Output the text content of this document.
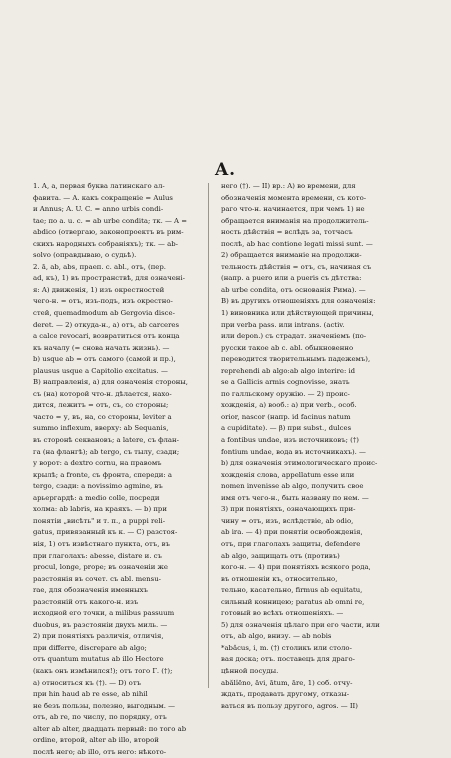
A.
1. А, a, первая буква латинскаго ал-
фавита. — A. какъ сокращеніе = Aulus
и Annus; A. U. C. = anno urbis condi-
tae; по a. u. c. = ab urbe condita; тк. — A =
abdico (отвергаю, законопроектъ въ рим-
скихъ народныхъ собраніяхъ); тк. — ab-
solvo (оправдываю, о судьѣ).
2. ā, ab, abs, праеп. c. abl., отъ, (пер.
ad, къ), 1) въ пространствѣ, для означені-
я: A) движенія, 1) изъ окрестностей
чего-н. = отъ, изъ-подъ, изъ окрестно-
стей, quemadmodum ab Gergovia disce-
deret. — 2) откуда-н., а) отъ, ab carceres
a calce revocari, возвратиться отъ конца
къ началу (= снова начать жизнь). —
b) usque ab = отъ самого (самой и пр.),
plausus usque a Capitolio excitatus. —
B) направленія, а) для означенія стороны,
съ (на) которой что-н. дѣлается, нахо-
дится, лежитъ = отъ, съ, со стороны;
часто = у, въ, на, со стороны, leviter a
summo inflexum, вверху: ab Sequanis,
въ сторонѣ секвановъ; a latere, съ флан-
га (на флангѣ); ab tergo, съ тылу, сзади;
у ворот: a dextro cornu, на правомъ
крылѣ; a fronte, съ фронта, спереди: a
tergo, сзади: a novissimo agmine, въ
арьергардѣ: a medio colle, посреди
холма: ab labris, на краяхъ. — b) при
понятіи „висѣть" и т. п., a puppi reli-
gatus, привязанный къ к. — C) разстоя-
нія, 1) отъ извѣстнаго пункта, отъ, въ
при глаголахъ: abesse, distare и. съ
procul, longe, prope; въ означеніи же
разстоянія въ сочет. съ abl. mensu-
rae, для обозначенія именныхъ
разстояній отъ какого-н. изъ
исходной его точки, a milibus passuum
duobus, въ разстояніи двухъ миль. —
2) при понятіяхъ различія, отличія,
при differre, discrepare ab algo;
отъ quantum mutatus ab illo Hectore
(какъ онъ измѣнился!); отъ того Г. (†);
a) относиться къ (†). — D) отъ
при hin haud ab re esse, ab nihil
не безъ пользы, полезно, выгодным. —
отъ, ab re, по числу, по порядку, отъ
alter ab alter, двадцать первый: по того ab
ordine, второй, alter ab illo, второй
послѣ него; ab illo, отъ него: нѣкото-
него (†). — II) вр.: A) во времени, для
обозначенія момента времени, съ кото-
раго что-н. начинается, при чемъ 1) не
обращается вниманія на продолжитель-
ность дѣйствія = вслѣдъ за, тотчасъ
послѣ, ab hac contione legati missi sunt. —
2) обращается вниманіе на продолжи-
тельность дѣйствія = отъ, съ, начиная съ
(напр. a puero или a pueris съ дѣтства:
ab urbe condita, отъ основанія Рима). —
B) въ другихъ отношеніяхъ для означенія:
1) виновника или дѣйствующей причины,
при verba pass. или intrans. (activ.
или depon.) съ страдат. значеніемъ (по-
русски такое ab c. abl. обыкновенно
переводится творительнымъ падежемъ),
reprehendi ab algo:ab algo interire: id
se a Gallicis armis cognovisse, знать
по галльскому оружію. — 2) проис-
хожденія, а) вооб.: а) при verb., особ.
orior, nascor (напр. id facinus natum
a cupiditate). — β) при subst., dulces
a fontibus undae, изъ источниковъ; (†)
fontium undae, вода въ источникахъ). —
b) для означенія этимологическаго проис-
хожденія слова, appellatum esse или
nomen invenisse ab algo, получить свое
имя отъ чего-н., быть названу по нем. —
3) при понятіяхъ, означающихъ при-
чину = отъ, изъ, вслѣдствіе, ab odio,
ab ira. — 4) при понятіи освобожденія,
отъ, при глаголахъ защиты, defendere
ab algo, защищать отъ (противъ)
кого-н. — 4) при понятіяхъ всякого рода,
въ отношеніи къ, относительно,
тельно, касательно, firmus ab equitatu,
сильный конницею; paratus ab omni re,
готовый во всѣхъ отношеніяхъ. —
5) для означенія цѣлаго при его части, или
отъ, ab algo, внизу. — ab nobis
*abăcus, i, m. (†) столикъ или столо-
вая доска; отъ. поставецъ для драго-
цѣнной посуды.
abălĭēno, āvi, ātum, āre, 1) соб. отчу-
ждать, продавать другому, отказы-
ваться въ пользу другого, agros. — II)
